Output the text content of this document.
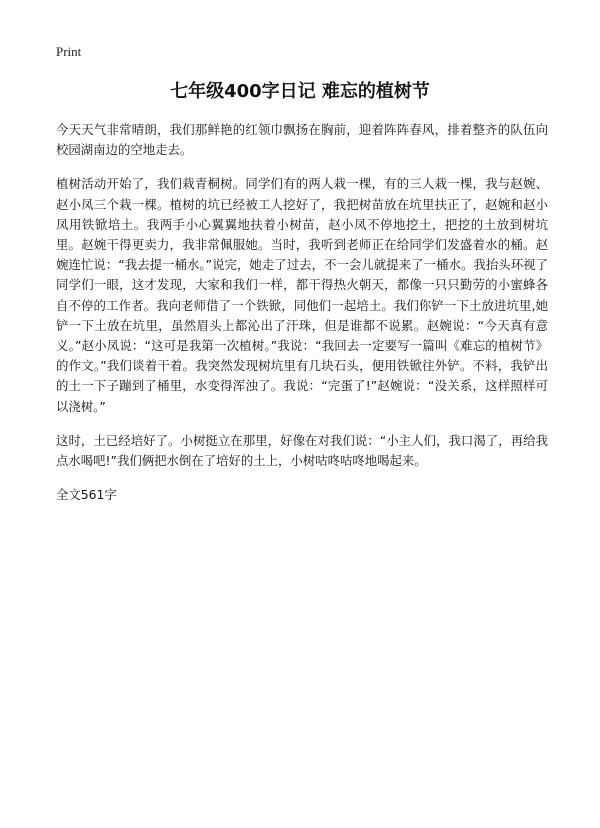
Print
七年级400字日记 难忘的植树节

今天天气非常晴朗，我们那鲜艳的红领巾飘扬在胸前，迎着阵阵春风，排着整齐的队伍向校园湖南边的空地走去。

植树活动开始了，我们栽青桐树。同学们有的两人栽一棵，有的三人栽一棵，我与赵婉、赵小凤三个栽一棵。植树的坑已经被工人挖好了，我把树苗放在坑里扶正了，赵婉和赵小凤用铁锨培土。我两手小心翼翼地扶着小树苗，赵小凤不停地挖土，把挖的土放到树坑里。赵婉干得更卖力，我非常佩服她。当时，我听到老师正在给同学们发盛着水的桶。赵婉连忙说：“我去提一桶水。”说完，她走了过去，不一会儿就提来了一桶水。我抬头环视了同学们一眼，这才发现，大家和我们一样，都干得热火朝天，都像一只只勤劳的小蜜蜂各自不停的工作者。我向老师借了一个铁锨，同他们一起培土。我们你铲一下土放进坑里,她铲一下土放在坑里，虽然眉头上都沁出了汗珠，但是谁都不说累。赵婉说：“今天真有意义。”赵小凤说：“这可是我第一次植树。”我说：“我回去一定要写一篇叫《难忘的植树节》的作文。”我们谈着干着。我突然发现树坑里有几块石头，便用铁锨往外铲。不料，我铲出的土一下子蹦到了桶里，水变得浑浊了。我说：“完蛋了!”赵婉说：“没关系，这样照样可以浇树。”

这时，土已经培好了。小树挺立在那里，好像在对我们说：“小主人们，我口渴了，再给我点水喝吧!”我们俩把水倒在了培好的土上，小树咕咚咕咚地喝起来。

全文561字
